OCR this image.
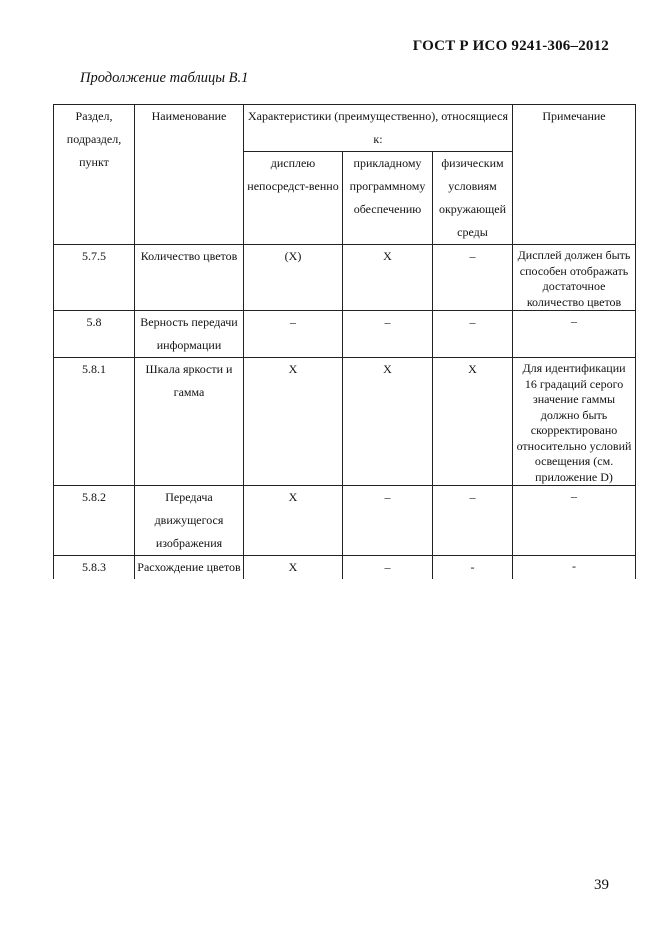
ГОСТ Р ИСО 9241-306–2012
Продолжение таблицы В.1
Раздел, подраздел, пункт	Наименование	Характеристики (преимущественно), относящиеся к:			Примечание
		дисплею непосредст-венно	прикладному программному обеспечению	физическим условиям окружающей среды	
5.7.5	Количество цветов	(X)	X	–	Дисплей должен быть способен отображать достаточное количество цветов
5.8	Верность передачи информации	–	–	–	–
5.8.1	Шкала яркости и гамма	X	X	X	Для идентификации 16 градаций серого значение гаммы должно быть скорректировано относительно условий освещения (см. приложение D)
5.8.2	Передача движущегося изображения	X	–	–	–
5.8.3	Расхождение цветов	X	–	-	-
39
